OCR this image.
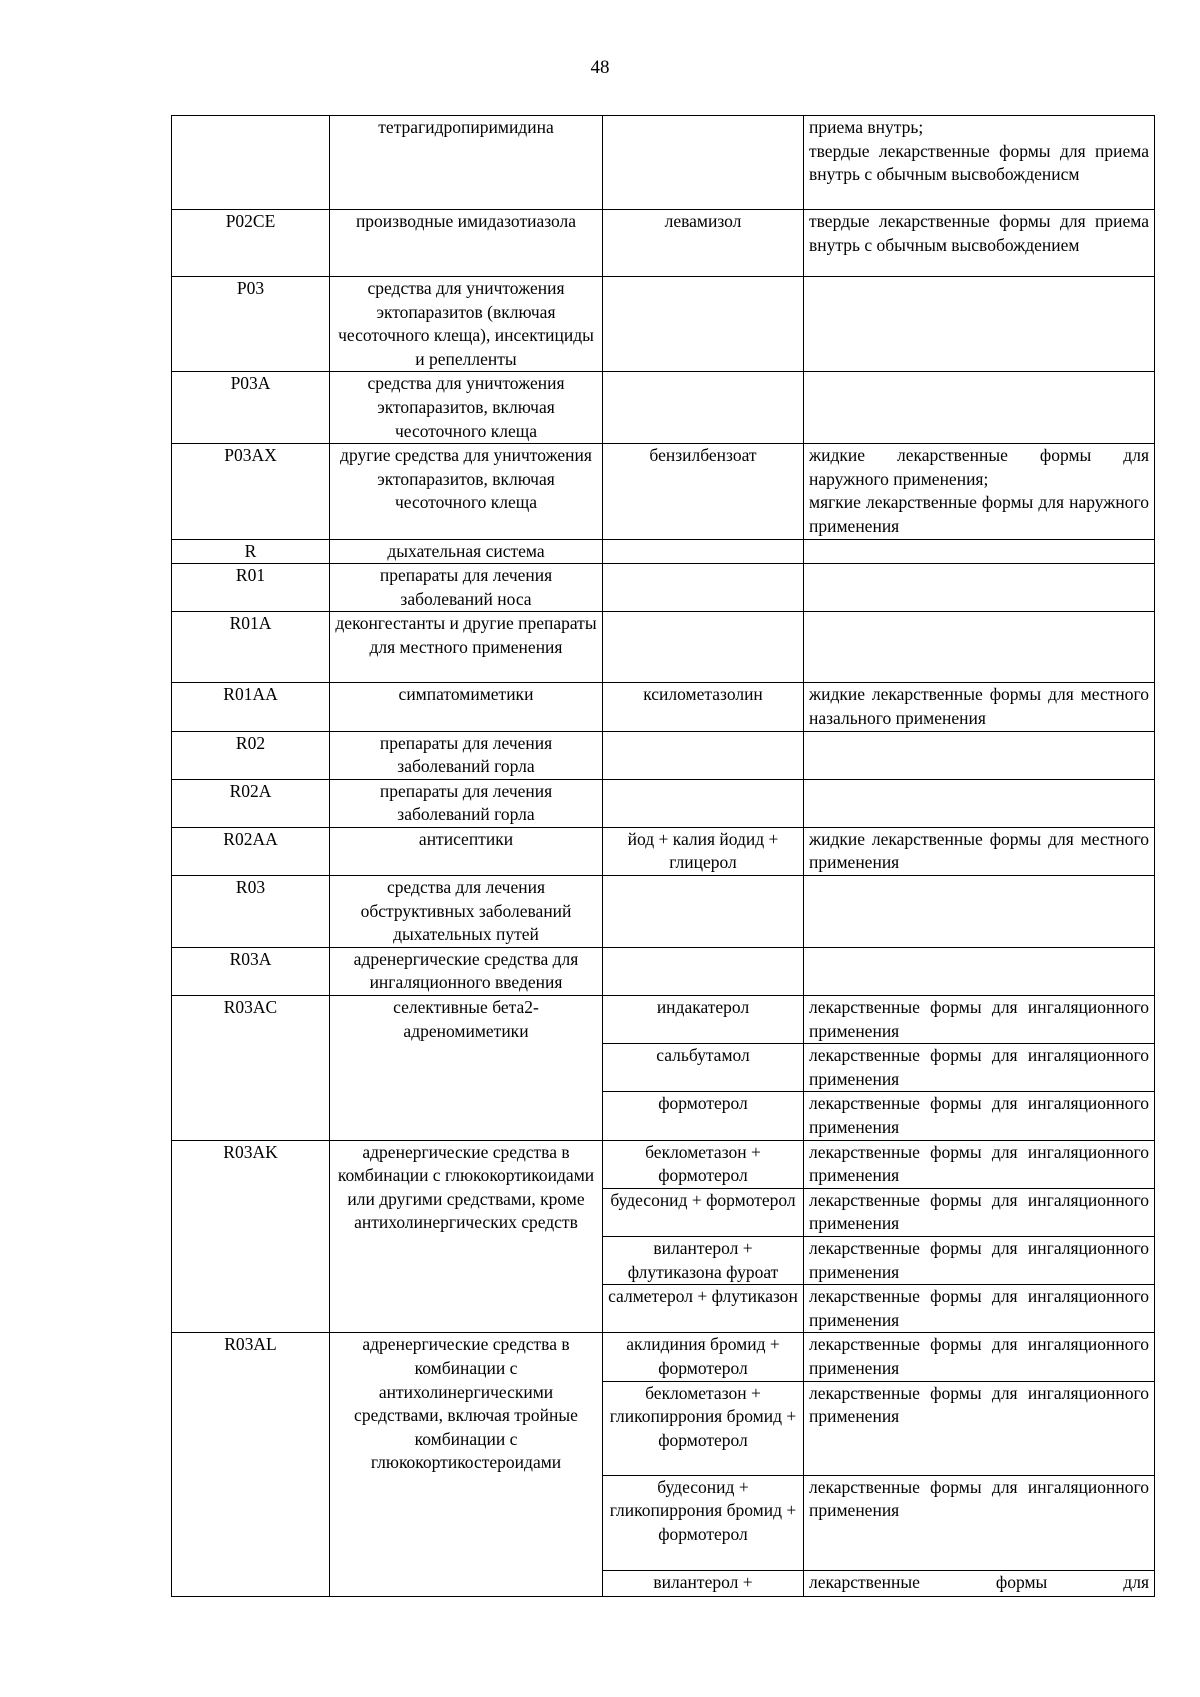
48
	тетрагидропиримидина		приема внутрь;
твердые лекарственные формы для приема внутрь с обычным высвобожденисм

P02CE	производные имидазотиазола	левамизол	твердые лекарственные формы для приема внутрь с обычным высвобождением

P03	средства для уничтожения эктопаразитов (включая чесоточного клеща), инсектициды и репелленты		
P03A	средства для уничтожения эктопаразитов, включая чесоточного клеща		
P03AX	другие средства для уничтожения эктопаразитов, включая чесоточного клеща	бензилбензоат	жидкие лекарственные формы для наружного применения;
мягкие лекарственные формы для наружного применения

R	дыхательная система		
R01	препараты для лечения заболеваний носа		
R01A	деконгестанты и другие препараты для местного применения		
R01AA	симпатомиметики	ксилометазолин	жидкие лекарственные формы для местного назального применения

R02	препараты для лечения заболеваний горла		
R02A	препараты для лечения заболеваний горла		
R02AA	антисептики	йод + калия йодид + глицерол	жидкие лекарственные формы для местного применения

R03	средства для лечения обструктивных заболеваний дыхательных путей		
R03A	адренергические средства для ингаляционного введения		
R03AC	селективные бета2-адреномиметики	индакатерол	лекарственные формы для ингаляционного применения

		сальбутамол	лекарственные формы для ингаляционного применения

		формотерол	лекарственные формы для ингаляционного применения

R03AK	адренергические средства в комбинации с глюкокортикоидами или другими средствами, кроме антихолинергических средств	беклометазон + формотерол	лекарственные формы для ингаляционного применения

		будесонид + формотерол	лекарственные формы для ингаляционного применения

		вилантерол + флутиказона фуроат	лекарственные формы для ингаляционного применения

		салметерол + флутиказон	лекарственные формы для ингаляционного применения

R03AL	адренергические средства в комбинации с антихолинергическими средствами, включая тройные комбинации с глюкокортикостероидами	аклидиния бромид + формотерол	лекарственные формы для ингаляционного применения

		беклометазон + гликопиррония бромид + формотерол	лекарственные формы для ингаляционного применения

		будесонид + гликопиррония бромид + формотерол	лекарственные формы для ингаляционного применения

		вилантерол +	лекарственные формы для
